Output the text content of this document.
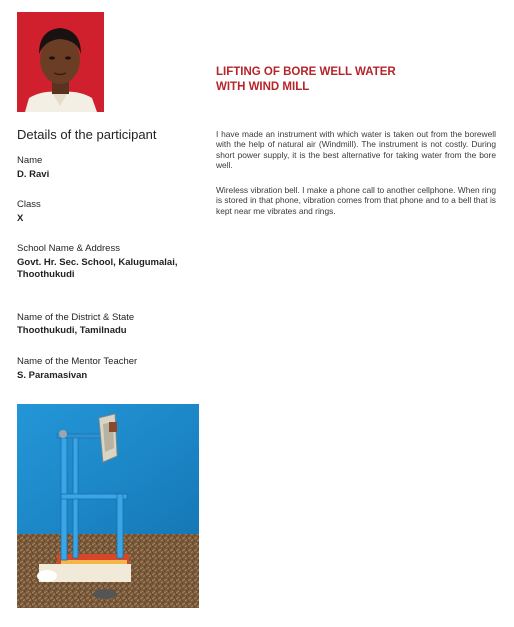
LIFTING OF BORE WELL WATER
WITH WIND MILL
I have made an instrument with which water is taken out from the borewell with the help of natural air (Windmill). The instrument is not costly. During short power supply, it is the best alternative for taking water from the bore well.
Wireless vibration bell. I make a phone call to another cellphone. When ring is stored in that phone, vibration comes from that phone and to a bell that is kept near me vibrates and rings.
Details of the participant
Name
D. Ravi
Class
X
School Name & Address
Govt. Hr. Sec. School, Kalugumalai,
Thoothukudi
Name of the District & State
Thoothukudi, Tamilnadu
Name of the Mentor Teacher
S. Paramasivan
